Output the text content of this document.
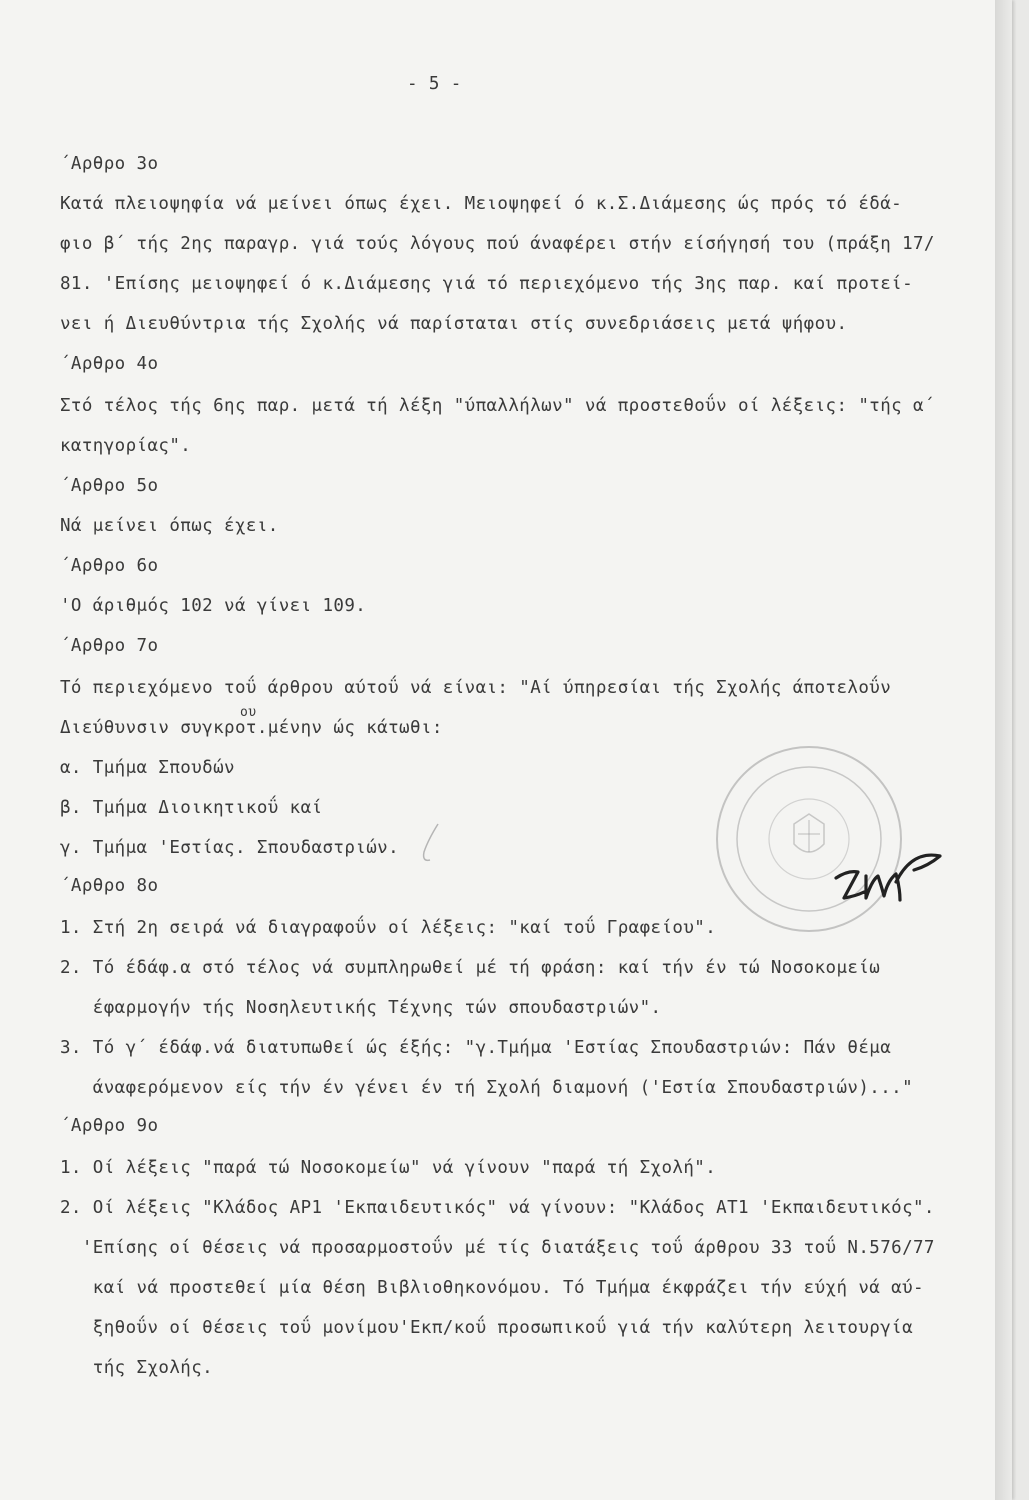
- 5 -
΄Αρθρο 3ο
Κατά πλειοψηφία νά μείνει όπως έχει. Μειοψηφεί ό κ.Σ.Διάμεσης ώς πρός τό έδά-
φιο β΄ τής 2ης παραγρ. γιά τούς λόγους πού άναφέρει στήν είσήγησή του (πράξη 17/
81. 'Επίσης μειοψηφεί ό κ.Διάμεσης γιά τό περιεχόμενο τής 3ης παρ. καί προτεί-
νει ή Διευθύντρια τής Σχολής νά παρίσταται στίς συνεδριάσεις μετά ψήφου.
΄Αρθρο 4ο
Στό τέλος τής 6ης παρ. μετά τή λέξη "ύπαλλήλων" νά προστεθοΰν οί λέξεις: "τής α΄
κατηγορίας".
΄Αρθρο 5ο
Νά μείνει όπως έχει.
΄Αρθρο 6ο
'Ο άριθμός 102 νά γίνει 109.
΄Αρθρο 7ο
Τό περιεχόμενο τοΰ άρθρου αύτοΰ νά είναι: "Αί ύπηρεσίαι τής Σχολής άποτελοΰν
ου
Διεύθυνσιν συγκροτ.μένην ώς κάτωθι:
α. Τμήμα Σπουδών
β. Τμήμα Διοικητικοΰ καί
γ. Τμήμα 'Εστίας. Σπουδαστριών.
΄Αρθρο 8ο
1. Στή 2η σειρά νά διαγραφοΰν οί λέξεις: "καί τοΰ Γραφείου".
2. Τό έδάφ.α στό τέλος νά συμπληρωθεί μέ τή φράση: καί τήν έν τώ Νοσοκομείω
έφαρμογήν τής Νοσηλευτικής Τέχνης τών σπουδαστριών".
3. Τό γ΄ έδάφ.νά διατυπωθεί ώς έξής: "γ.Τμήμα 'Εστίας Σπουδαστριών: Πάν θέμα
άναφερόμενον είς τήν έν γένει έν τή Σχολή διαμονή ('Εστία Σπουδαστριών)..."
΄Αρθρο 9ο
1. Οί λέξεις "παρά τώ Νοσοκομείω" νά γίνουν "παρά τή Σχολή".
2. Οί λέξεις "Κλάδος ΑΡ1 'Εκπαιδευτικός" νά γίνουν: "Κλάδος ΑΤ1 'Εκπαιδευτικός".
'Επίσης οί θέσεις νά προσαρμοστοΰν μέ τίς διατάξεις τοΰ άρθρου 33 τοΰ Ν.576/77
καί νά προστεθεί μία θέση Βιβλιοθηκονόμου. Τό Τμήμα έκφράζει τήν εύχή νά αύ-
ξηθοΰν οί θέσεις τοΰ μονίμου'Εκπ/κοΰ προσωπικοΰ γιά τήν καλύτερη λειτουργία
τής Σχολής.
